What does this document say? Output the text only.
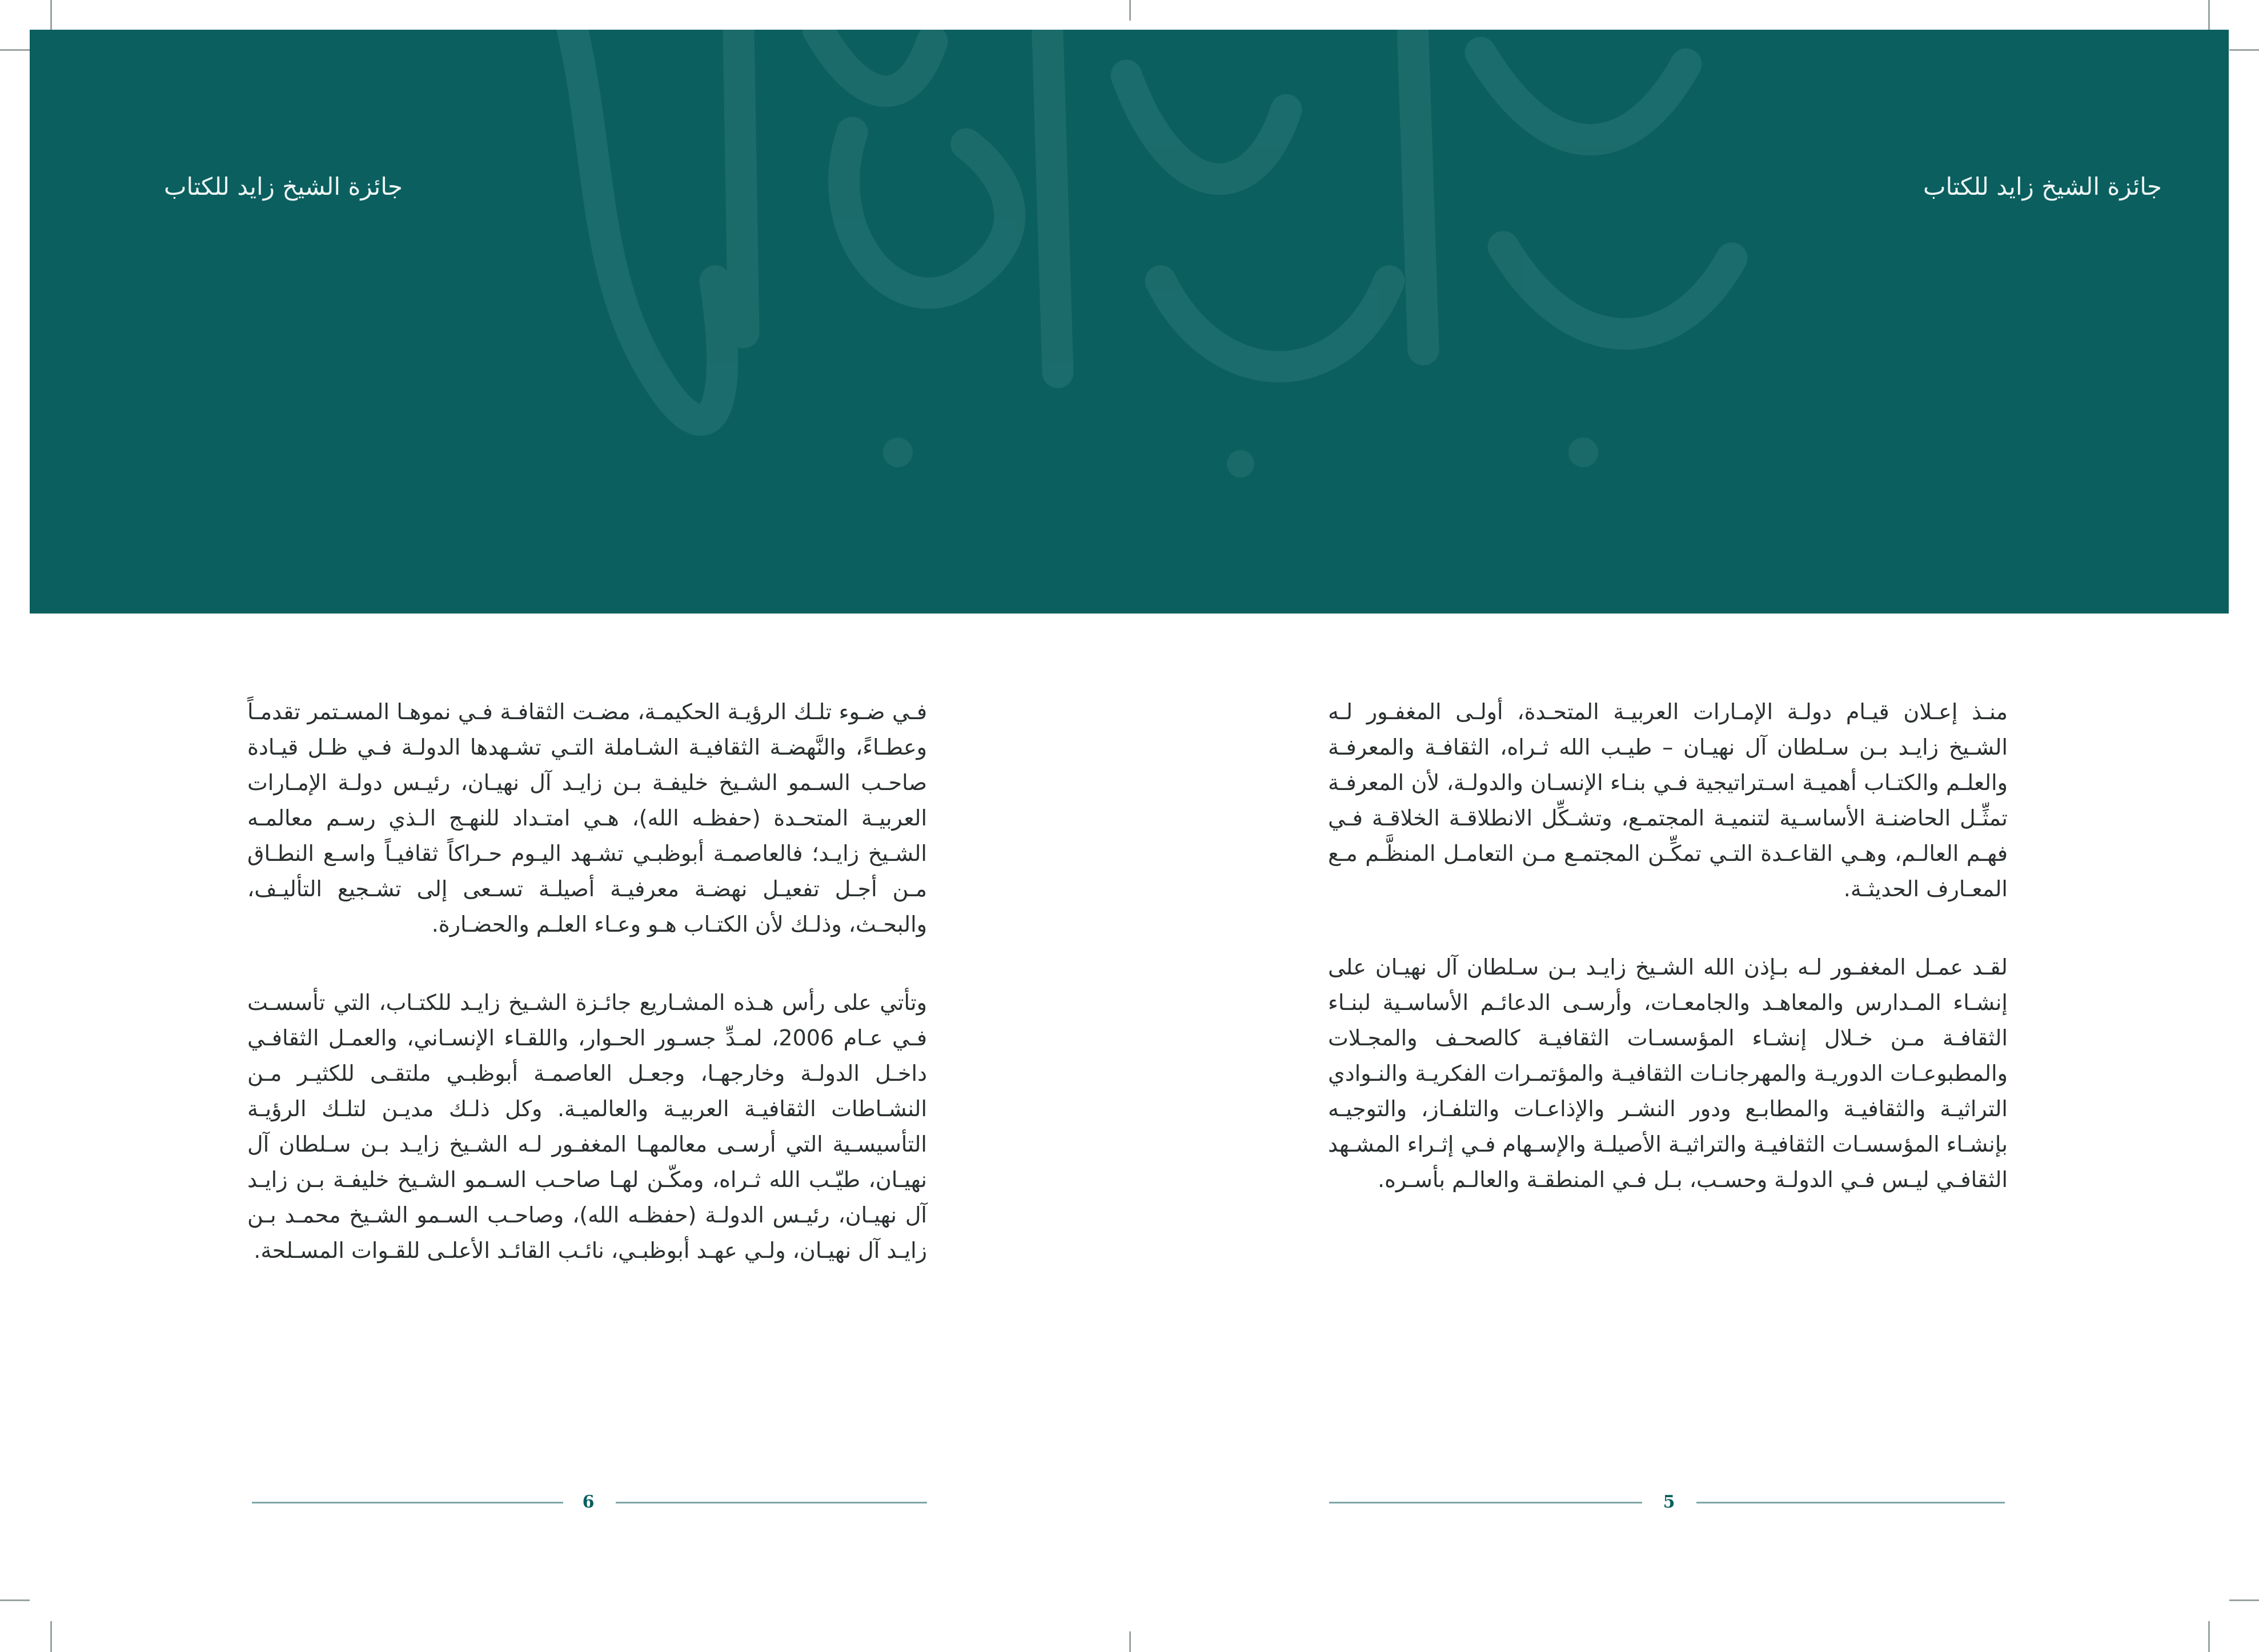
جائزة الشيخ زايد للكتاب	جائزة الشيخ زايد للكتاب

فـي ضـوء تلـك الرؤيـة الحكيمـة، مضـت الثقافـة فـي نموهـا المسـتمر تقدمـاً وعطـاءً، والنَّهضـة الثقافيـة الشـاملة التـي تشـهدها الدولـة فـي ظـل قيـادة صاحـب السـمو الشـيخ خليفـة بـن زايـد آل نهيـان، رئيـس دولـة الإمـارات العربيـة المتحـدة (حفظـه الله)، هـي امتـداد للنهـج الـذي رسـم معالمـه الشـيخ زايـد؛ فالعاصمـة أبوظبـي تشـهد اليـوم حـراكاً ثقافيـاً واسـع النطـاق مـن أجـل تفعيـل نهضـة معرفيـة أصيلـة تسـعى إلى تشـجيع التأليـف، والبحـث، وذلـك لأن الكتـاب هـو وعـاء العلـم والحضـارة.

وتأتي على رأس هـذه المشـاريع جائـزة الشـيخ زايـد للكتـاب، التي تأسسـت فـي عـام 2006، لمـدِّ جسـور الحـوار، واللقـاء الإنسـاني، والعمـل الثقافـي داخـل الدولـة وخارجهـا، وجعـل العاصمـة أبوظبـي ملتقـى للكثيـر مـن النشـاطات الثقافيـة العربيـة والعالميـة. وكل ذلـك مديـن لتلـك الرؤيـة التأسيسـية التي أرسـى معالمهـا المغفـور لـه الشـيخ زايـد بـن سـلطان آل نهيـان، طيّـب الله ثـراه، ومكّـن لهـا صاحـب السـمو الشـيخ خليفـة بـن زايـد آل نهيـان، رئيـس الدولـة (حفظـه الله)، وصاحـب السـمو الشـيخ محمـد بـن زايـد آل نهيـان، ولـي عهـد أبوظبـي، نائـب القائـد الأعلـى للقـوات المسـلحة.

منـذ إعـلان قيـام دولـة الإمـارات العربيـة المتحـدة، أولـى المغفـور لـه الشـيخ زايـد بـن سـلطان آل نهيـان – طيـب الله ثـراه، الثقافـة والمعرفـة والعلـم والكتـاب أهميـة اسـتراتيجية فـي بنـاء الإنسـان والدولـة، لأن المعرفـة تمثِّـل الحاضنـة الأساسـية لتنميـة المجتمـع، وتشـكِّل الانطلاقـة الخلاقـة فـي فهـم العالـم، وهـي القاعـدة التـي تمكِّـن المجتمـع مـن التعامـل المنظَّـم مـع المعـارف الحديثـة.

لقـد عمـل المغفـور لـه بـإذن الله الشـيخ زايـد بـن سـلطان آل نهيـان على إنشـاء المـدارس والمعاهـد والجامعـات، وأرسـى الدعائـم الأساسـية لبنـاء الثقافـة مـن خـلال إنشـاء المؤسسـات الثقافيـة كالصحـف والمجـلات والمطبوعـات الدوريـة والمهرجانـات الثقافيـة والمؤتمـرات الفكريـة والنـوادي التراثيـة والثقافيـة والمطابـع ودور النشـر والإذاعـات والتلفـاز، والتوجيـه بإنشـاء المؤسسـات الثقافيـة والتراثيـة الأصيلـة والإسـهام فـي إثـراء المشـهد الثقافـي ليـس فـي الدولـة وحسـب، بـل فـي المنطقـة والعالـم بأسـره.

6	5
